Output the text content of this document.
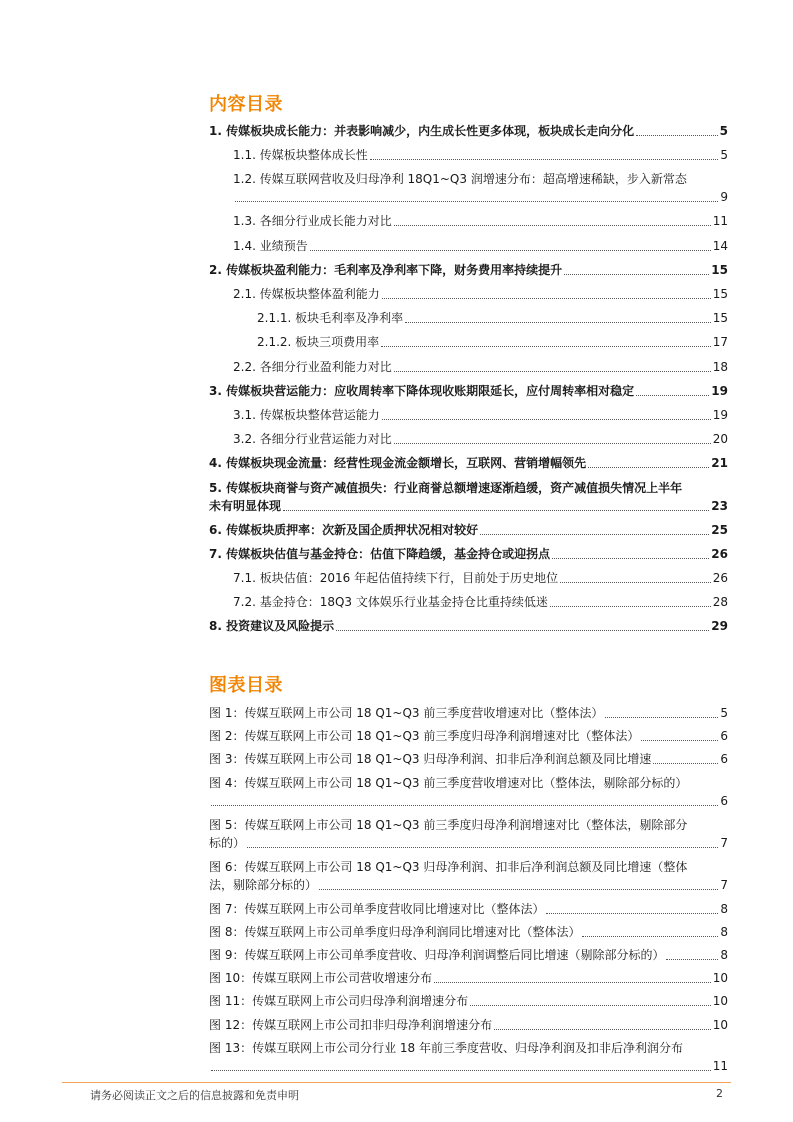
内容目录
1. 传媒板块成长能力：并表影响减少，内生成长性更多体现，板块成长走向分化	5
1.1. 传媒板块整体成长性	5
1.2. 传媒互联网营收及归母净利 18Q1~Q3 润增速分布：超高增速稀缺，步入新常态
9
1.3. 各细分行业成长能力对比	11
1.4. 业绩预告	14
2. 传媒板块盈利能力：毛利率及净利率下降，财务费用率持续提升	15
2.1. 传媒板块整体盈利能力	15
2.1.1. 板块毛利率及净利率	15
2.1.2. 板块三项费用率	17
2.2. 各细分行业盈利能力对比	18
3. 传媒板块营运能力：应收周转率下降体现收账期限延长，应付周转率相对稳定	19
3.1. 传媒板块整体营运能力	19
3.2. 各细分行业营运能力对比	20
4. 传媒板块现金流量：经营性现金流金额增长，互联网、营销增幅领先	21
5. 传媒板块商誉与资产减值损失：行业商誉总额增速逐渐趋缓，资产减值损失情况上半年
未有明显体现	23
6. 传媒板块质押率：次新及国企质押状况相对较好	25
7. 传媒板块估值与基金持仓：估值下降趋缓，基金持仓或迎拐点	26
7.1. 板块估值：2016 年起估值持续下行，目前处于历史地位	26
7.2. 基金持仓：18Q3 文体娱乐行业基金持仓比重持续低迷	28
8. 投资建议及风险提示	29
图表目录
图 1：传媒互联网上市公司 18 Q1~Q3 前三季度营收增速对比（整体法）	5
图 2：传媒互联网上市公司 18 Q1~Q3 前三季度归母净利润增速对比（整体法）	6
图 3：传媒互联网上市公司 18 Q1~Q3 归母净利润、扣非后净利润总额及同比增速	6
图 4：传媒互联网上市公司 18 Q1~Q3 前三季度营收增速对比（整体法，剔除部分标的）
6
图 5：传媒互联网上市公司 18 Q1~Q3 前三季度归母净利润增速对比（整体法，剔除部分
标的）	7
图 6：传媒互联网上市公司 18 Q1~Q3 归母净利润、扣非后净利润总额及同比增速（整体
法，剔除部分标的）	7
图 7：传媒互联网上市公司单季度营收同比增速对比（整体法）	8
图 8：传媒互联网上市公司单季度归母净利润同比增速对比（整体法）	8
图 9：传媒互联网上市公司单季度营收、归母净利润调整后同比增速（剔除部分标的）	8
图 10：传媒互联网上市公司营收增速分布	10
图 11：传媒互联网上市公司归母净利润增速分布	10
图 12：传媒互联网上市公司扣非归母净利润增速分布	10
图 13：传媒互联网上市公司分行业 18 年前三季度营收、归母净利润及扣非后净利润分布
11
请务必阅读正文之后的信息披露和免责申明	2
